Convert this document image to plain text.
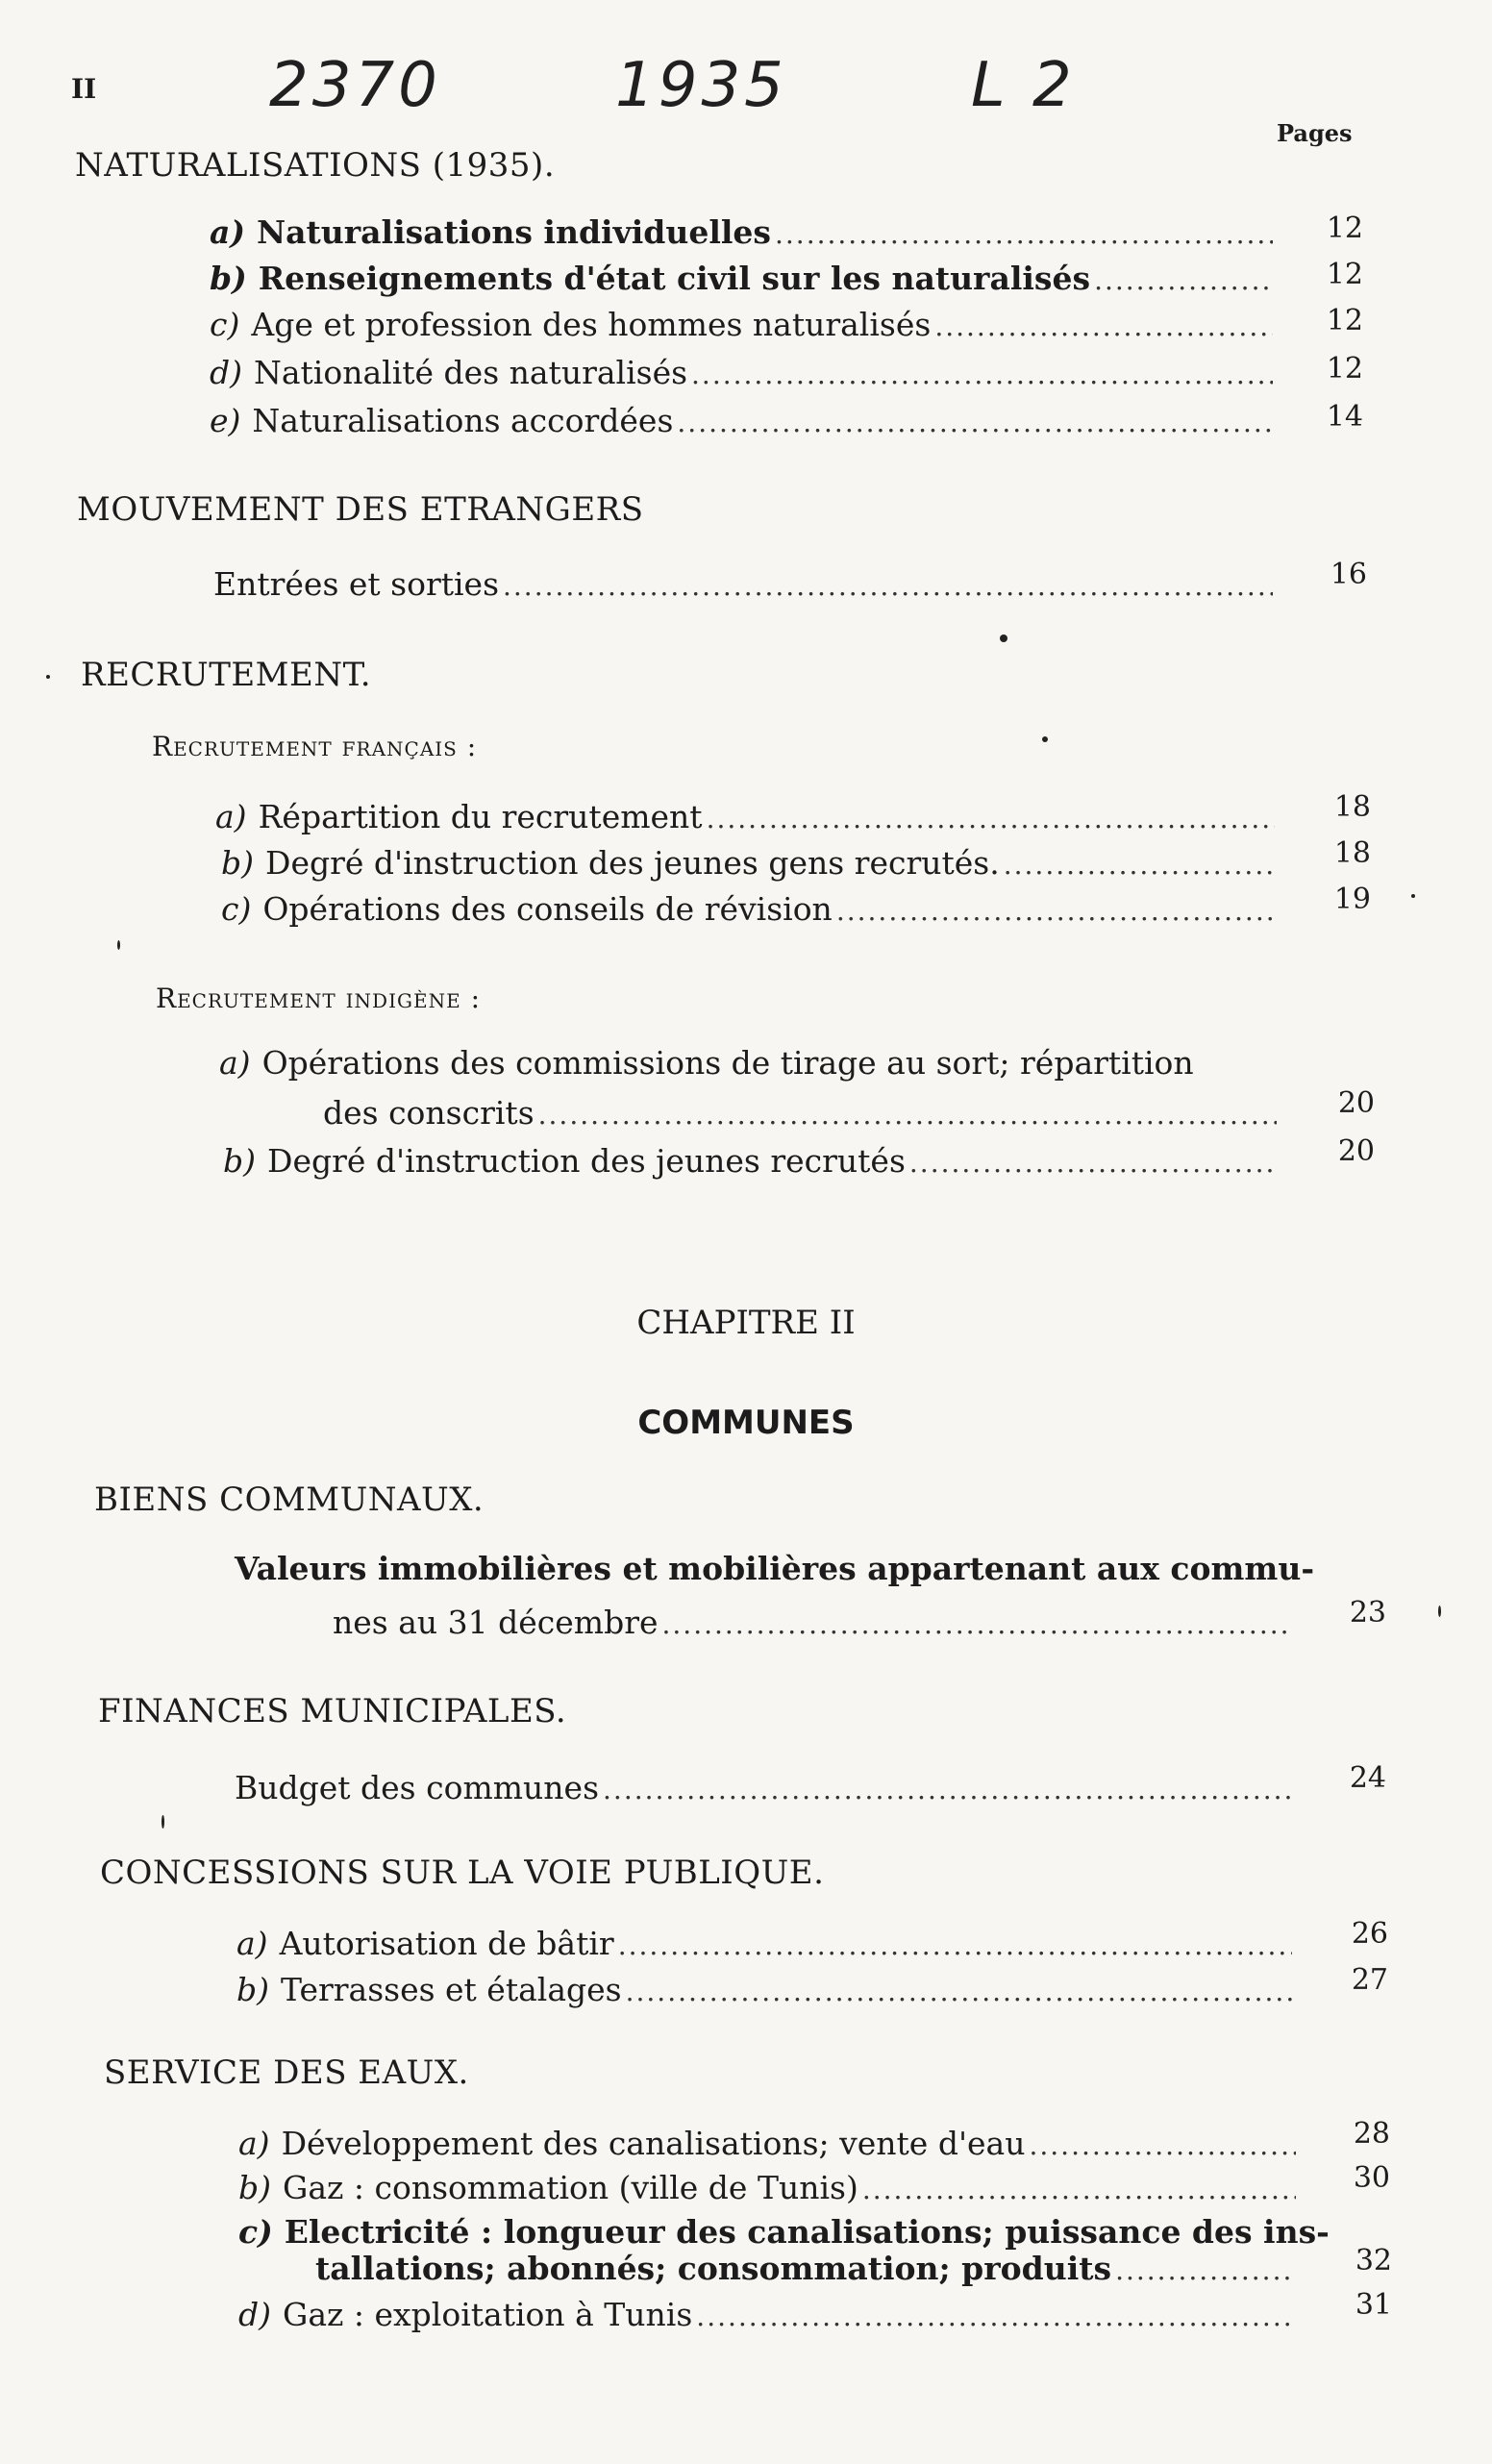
II	2370	1935	L 2
Pages
NATURALISATIONS (1935).
a) Naturalisations individuelles .....	12
b) Renseignements d'état civil sur les naturalisés .....	12
c) Age et profession des hommes naturalisés .....	12
d) Nationalité des naturalisés .....	12
e) Naturalisations accordées .....	14
MOUVEMENT DES ETRANGERS
Entrées et sorties .....	16
RECRUTEMENT.
Recrutement français :
a) Répartition du recrutement .....	18
b) Degré d'instruction des jeunes gens recrutés. .....	18
c) Opérations des conseils de révision .....	19
Recrutement indigène :
a) Opérations des commissions de tirage au sort; répartition
des conscrits .....	20
b) Degré d'instruction des jeunes recrutés .....	20
CHAPITRE II
COMMUNES
BIENS COMMUNAUX.
Valeurs immobilières et mobilières appartenant aux commu-
nes au 31 décembre .....	23
FINANCES MUNICIPALES.
Budget des communes .....	24
CONCESSIONS SUR LA VOIE PUBLIQUE.
a) Autorisation de bâtir .....	26
b) Terrasses et étalages .....	27
SERVICE DES EAUX.
a) Développement des canalisations; vente d'eau .....	28
b) Gaz : consommation (ville de Tunis) .....	30
c) Electricité : longueur des canalisations; puissance des ins-
tallations; abonnés; consommation; produits .....	32
d) Gaz : exploitation à Tunis .....	31
